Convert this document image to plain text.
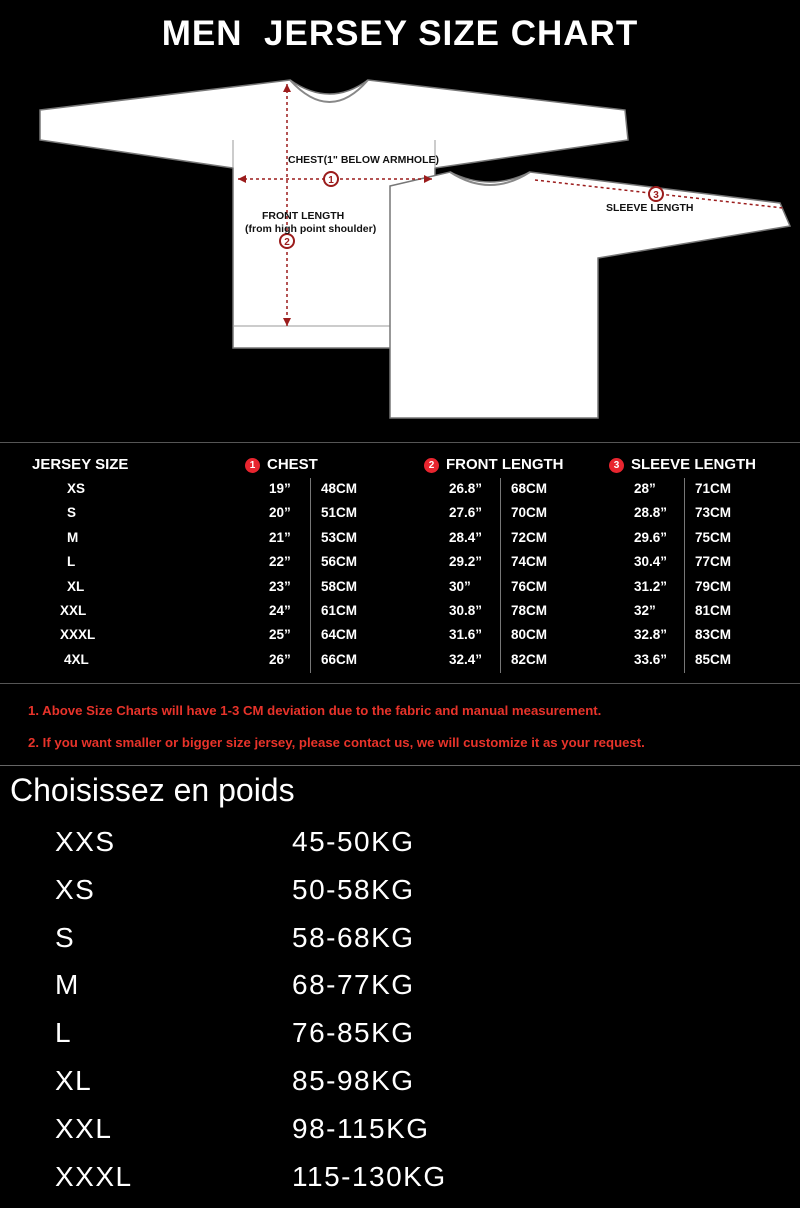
MEN  JERSEY SIZE CHART
1
2
3
CHEST(1" BELOW ARMHOLE)
FRONT LENGTH
(from high point shoulder)
SLEEVE LENGTH
JERSEY SIZE	1 CHEST	2 FRONT LENGTH	3 SLEEVE LENGTH
XS	19” 48CM	26.8” 68CM	28”	71CM
S	20” 51CM	27.6” 70CM	28.8” 73CM
M	21” 53CM	28.4” 72CM	29.6” 75CM
L	22” 56CM	29.2” 74CM	30.4” 77CM
XL	23” 58CM	30”	76CM	31.2” 79CM
XXL	24” 61CM	30.8” 78CM	32”	81CM
XXXL	25” 64CM	31.6” 80CM	32.8” 83CM
4XL	26” 66CM	32.4” 82CM	33.6” 85CM
1. Above Size Charts will have 1-3 CM deviation due to the fabric and manual measurement.
2. If you want smaller or bigger size jersey, please contact us, we will customize it as your request.
Choisissez en poids
XXS	45-50KG
XS	50-58KG
S	58-68KG
M	68-77KG
L	76-85KG
XL	85-98KG
XXL	98-115KG
XXXL	115-130KG
